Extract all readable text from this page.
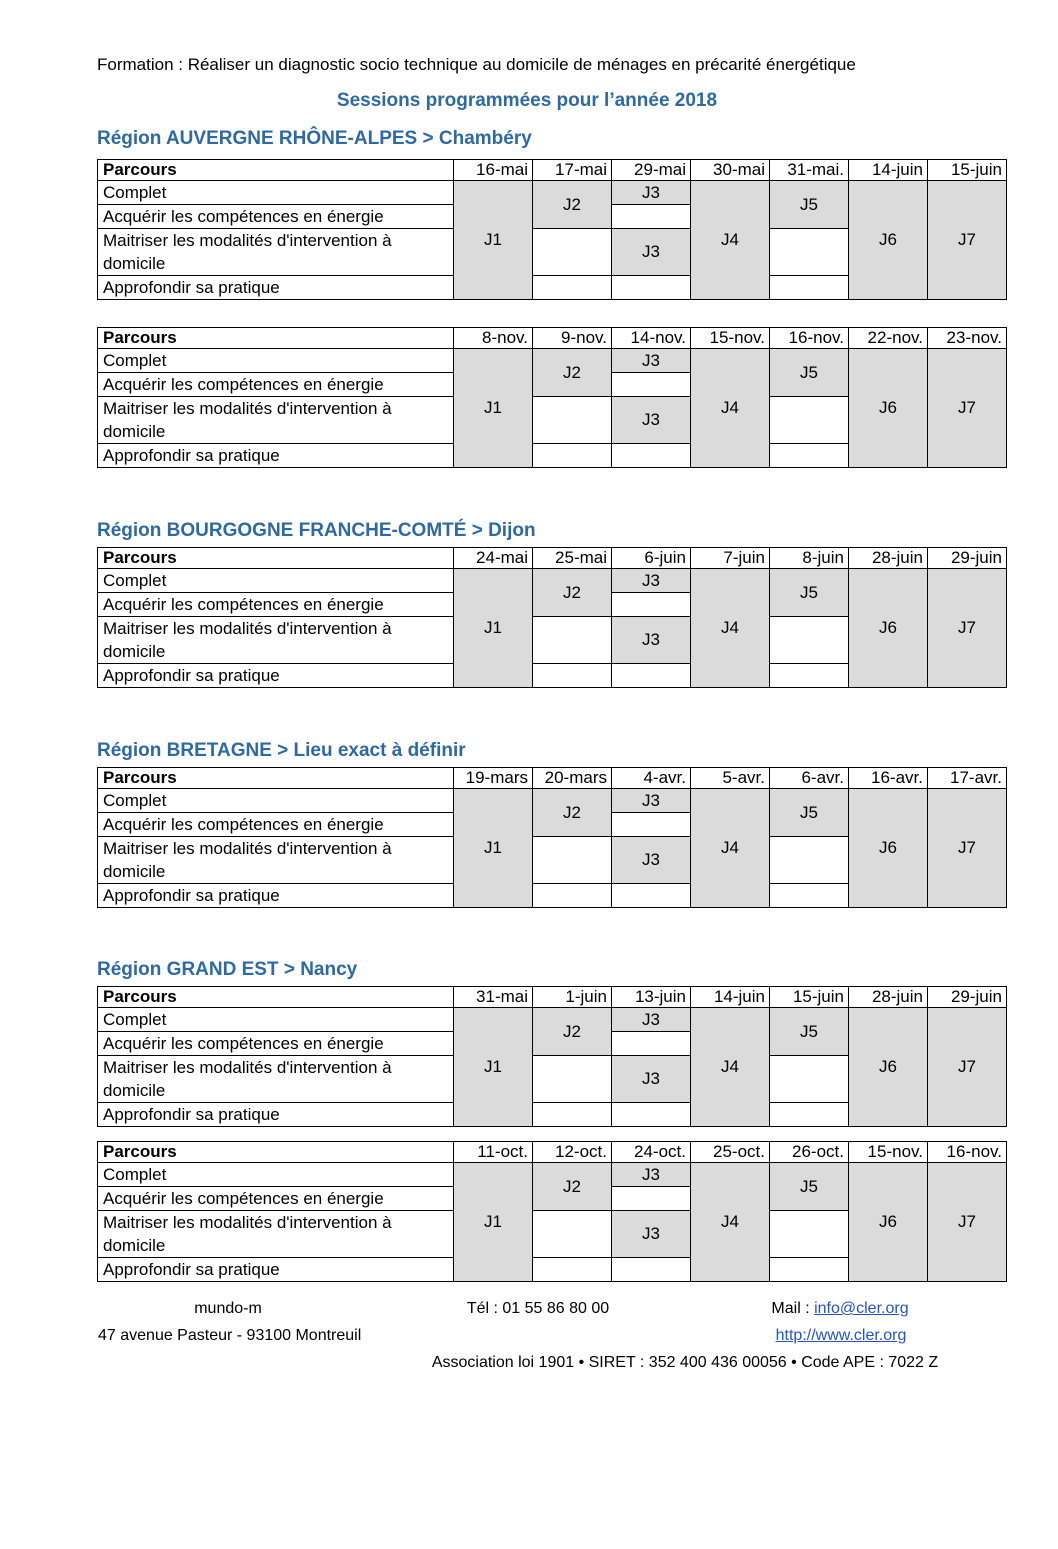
Formation : Réaliser un diagnostic socio technique au domicile de ménages en précarité énergétique

Sessions programmées pour l’année 2018

Région AUVERGNE RHÔNE-ALPES > Chambéry
Parcours	16-mai	17-mai	29-mai	30-mai	31-mai.	14-juin	15-juin
Complet	J1	J2	J3	J4	J5	J6	J7
Acquérir les compétences en énergie							
Maitriser les modalités d'intervention à domicile			J3				
Approfondir sa pratique							
Parcours	8-nov.	9-nov.	14-nov.	15-nov.	16-nov.	22-nov.	23-nov.
Complet	J1	J2	J3	J4	J5	J6	J7
Acquérir les compétences en énergie							
Maitriser les modalités d'intervention à domicile			J3				
Approfondir sa pratique							
Région BOURGOGNE FRANCHE-COMTÉ > Dijon
Parcours	24-mai	25-mai	6-juin	7-juin	8-juin	28-juin	29-juin
Complet	J1	J2	J3	J4	J5	J6	J7
Acquérir les compétences en énergie							
Maitriser les modalités d'intervention à domicile			J3				
Approfondir sa pratique							
Région BRETAGNE > Lieu exact à définir
Parcours	19-mars	20-mars	4-avr.	5-avr.	6-avr.	16-avr.	17-avr.
Complet	J1	J2	J3	J4	J5	J6	J7
Acquérir les compétences en énergie							
Maitriser les modalités d'intervention à domicile			J3				
Approfondir sa pratique							
Région GRAND EST > Nancy
Parcours	31-mai	1-juin	13-juin	14-juin	15-juin	28-juin	29-juin
Complet	J1	J2	J3	J4	J5	J6	J7
Acquérir les compétences en énergie							
Maitriser les modalités d'intervention à domicile			J3				
Approfondir sa pratique							
Parcours	11-oct.	12-oct.	24-oct.	25-oct.	26-oct.	15-nov.	16-nov.
Complet	J1	J2	J3	J4	J5	J6	J7
Acquérir les compétences en énergie							
Maitriser les modalités d'intervention à domicile			J3				
Approfondir sa pratique							
mundo-m	Tél : 01 55 86 80 00	Mail : info@cler.org
47 avenue Pasteur - 93100 Montreuil	http://www.cler.org
Association loi 1901 • SIRET : 352 400 436 00056 • Code APE : 7022 Z
